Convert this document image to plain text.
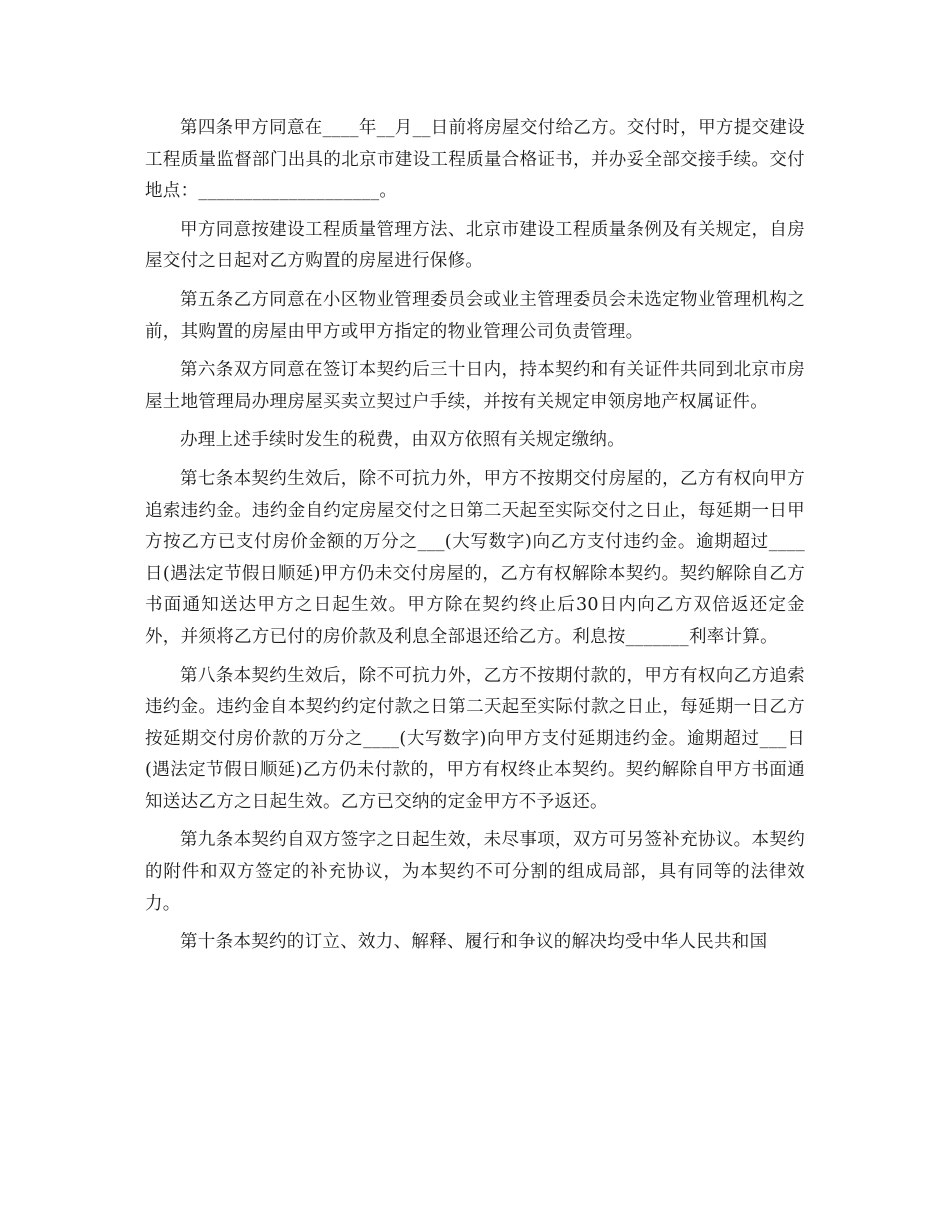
第四条甲方同意在____年__月__日前将房屋交付给乙方。交付时，甲方提交建设工程质量监督部门出具的北京市建设工程质量合格证书，并办妥全部交接手续。交付地点：____________________。

甲方同意按建设工程质量管理方法、北京市建设工程质量条例及有关规定，自房屋交付之日起对乙方购置的房屋进行保修。

第五条乙方同意在小区物业管理委员会或业主管理委员会未选定物业管理机构之前，其购置的房屋由甲方或甲方指定的物业管理公司负责管理。

第六条双方同意在签订本契约后三十日内，持本契约和有关证件共同到北京市房屋土地管理局办理房屋买卖立契过户手续，并按有关规定申领房地产权属证件。

办理上述手续时发生的税费，由双方依照有关规定缴纳。

第七条本契约生效后，除不可抗力外，甲方不按期交付房屋的，乙方有权向甲方追索违约金。违约金自约定房屋交付之日第二天起至实际交付之日止，每延期一日甲方按乙方已支付房价金额的万分之___(大写数字)向乙方支付违约金。逾期超过____日(遇法定节假日顺延)甲方仍未交付房屋的，乙方有权解除本契约。契约解除自乙方书面通知送达甲方之日起生效。甲方除在契约终止后30日内向乙方双倍返还定金外，并须将乙方已付的房价款及利息全部退还给乙方。利息按_______利率计算。

第八条本契约生效后，除不可抗力外，乙方不按期付款的，甲方有权向乙方追索违约金。违约金自本契约约定付款之日第二天起至实际付款之日止，每延期一日乙方按延期交付房价款的万分之____(大写数字)向甲方支付延期违约金。逾期超过___日(遇法定节假日顺延)乙方仍未付款的，甲方有权终止本契约。契约解除自甲方书面通知送达乙方之日起生效。乙方已交纳的定金甲方不予返还。

第九条本契约自双方签字之日起生效，未尽事项，双方可另签补充协议。本契约的附件和双方签定的补充协议，为本契约不可分割的组成局部，具有同等的法律效力。

第十条本契约的订立、效力、解释、履行和争议的解决均受中华人民共和国
